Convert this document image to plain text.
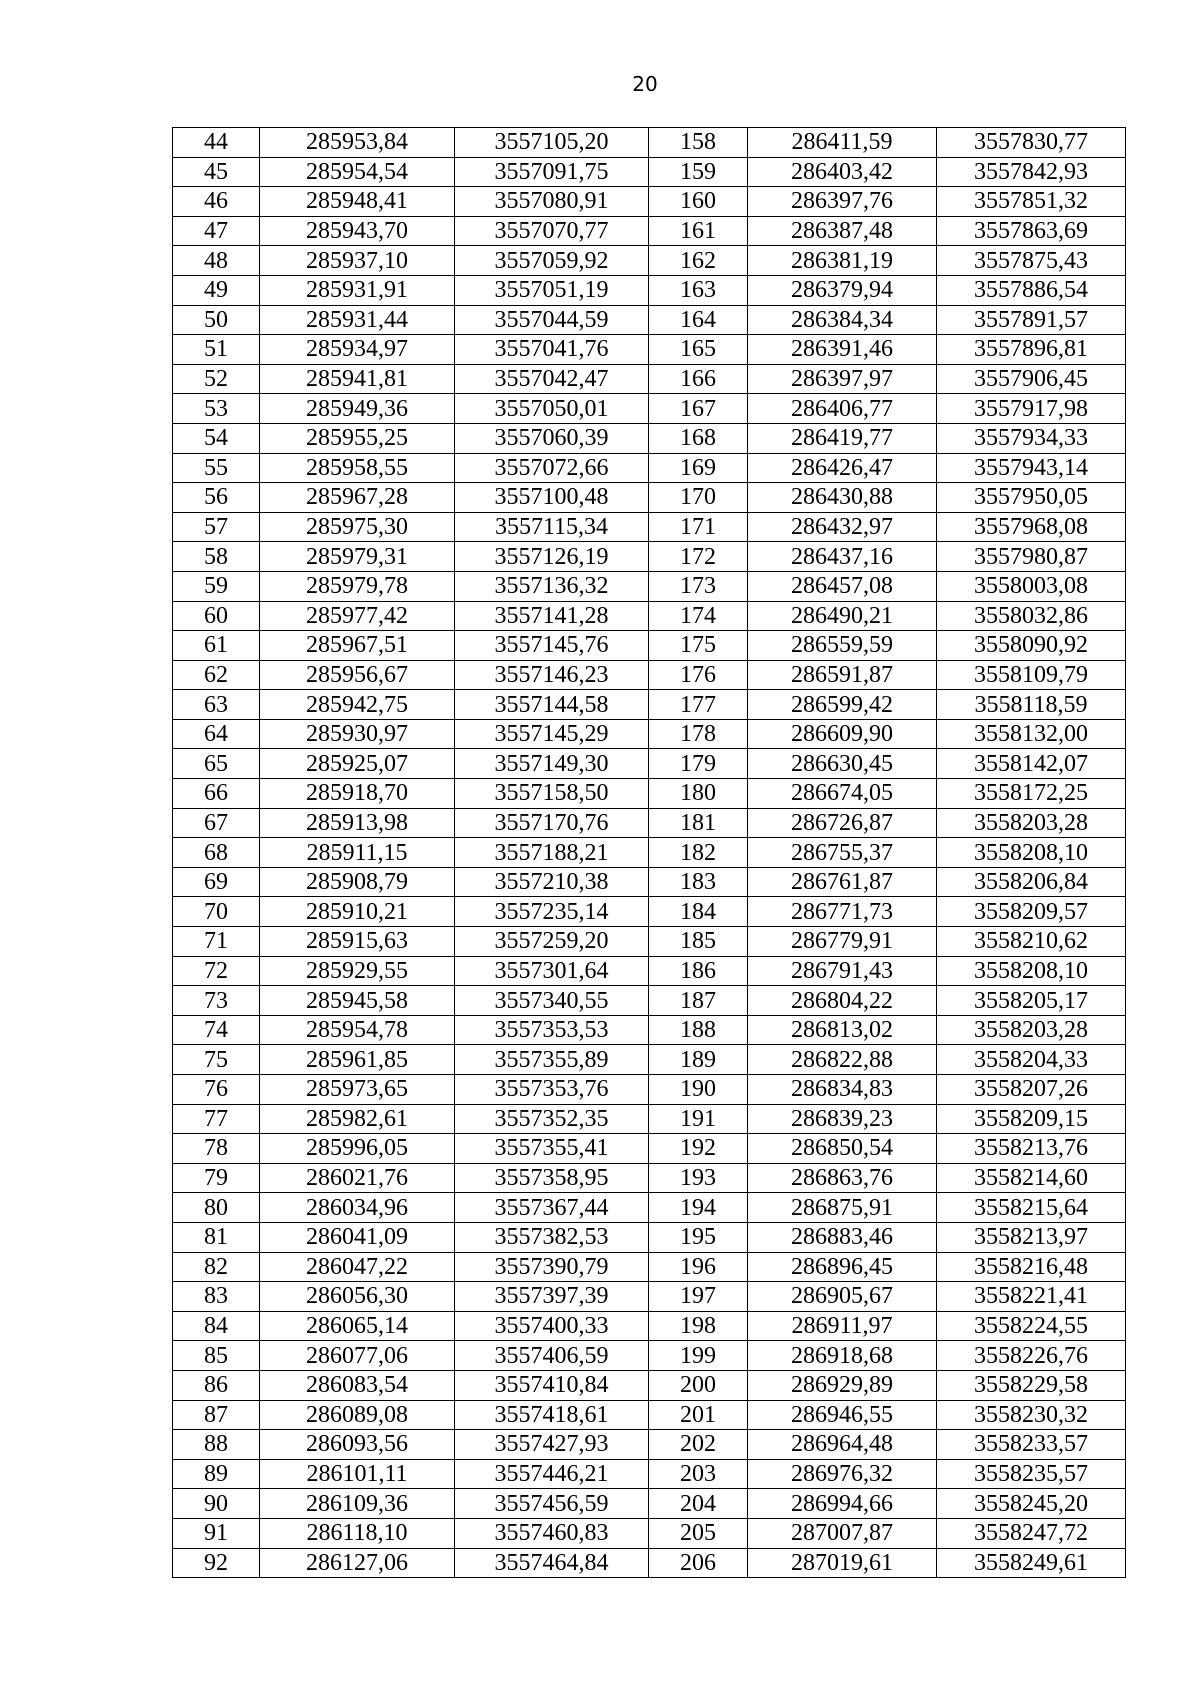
20
44	285953,84	3557105,20	158	286411,59	3557830,77
45	285954,54	3557091,75	159	286403,42	3557842,93
46	285948,41	3557080,91	160	286397,76	3557851,32
47	285943,70	3557070,77	161	286387,48	3557863,69
48	285937,10	3557059,92	162	286381,19	3557875,43
49	285931,91	3557051,19	163	286379,94	3557886,54
50	285931,44	3557044,59	164	286384,34	3557891,57
51	285934,97	3557041,76	165	286391,46	3557896,81
52	285941,81	3557042,47	166	286397,97	3557906,45
53	285949,36	3557050,01	167	286406,77	3557917,98
54	285955,25	3557060,39	168	286419,77	3557934,33
55	285958,55	3557072,66	169	286426,47	3557943,14
56	285967,28	3557100,48	170	286430,88	3557950,05
57	285975,30	3557115,34	171	286432,97	3557968,08
58	285979,31	3557126,19	172	286437,16	3557980,87
59	285979,78	3557136,32	173	286457,08	3558003,08
60	285977,42	3557141,28	174	286490,21	3558032,86
61	285967,51	3557145,76	175	286559,59	3558090,92
62	285956,67	3557146,23	176	286591,87	3558109,79
63	285942,75	3557144,58	177	286599,42	3558118,59
64	285930,97	3557145,29	178	286609,90	3558132,00
65	285925,07	3557149,30	179	286630,45	3558142,07
66	285918,70	3557158,50	180	286674,05	3558172,25
67	285913,98	3557170,76	181	286726,87	3558203,28
68	285911,15	3557188,21	182	286755,37	3558208,10
69	285908,79	3557210,38	183	286761,87	3558206,84
70	285910,21	3557235,14	184	286771,73	3558209,57
71	285915,63	3557259,20	185	286779,91	3558210,62
72	285929,55	3557301,64	186	286791,43	3558208,10
73	285945,58	3557340,55	187	286804,22	3558205,17
74	285954,78	3557353,53	188	286813,02	3558203,28
75	285961,85	3557355,89	189	286822,88	3558204,33
76	285973,65	3557353,76	190	286834,83	3558207,26
77	285982,61	3557352,35	191	286839,23	3558209,15
78	285996,05	3557355,41	192	286850,54	3558213,76
79	286021,76	3557358,95	193	286863,76	3558214,60
80	286034,96	3557367,44	194	286875,91	3558215,64
81	286041,09	3557382,53	195	286883,46	3558213,97
82	286047,22	3557390,79	196	286896,45	3558216,48
83	286056,30	3557397,39	197	286905,67	3558221,41
84	286065,14	3557400,33	198	286911,97	3558224,55
85	286077,06	3557406,59	199	286918,68	3558226,76
86	286083,54	3557410,84	200	286929,89	3558229,58
87	286089,08	3557418,61	201	286946,55	3558230,32
88	286093,56	3557427,93	202	286964,48	3558233,57
89	286101,11	3557446,21	203	286976,32	3558235,57
90	286109,36	3557456,59	204	286994,66	3558245,20
91	286118,10	3557460,83	205	287007,87	3558247,72
92	286127,06	3557464,84	206	287019,61	3558249,61
